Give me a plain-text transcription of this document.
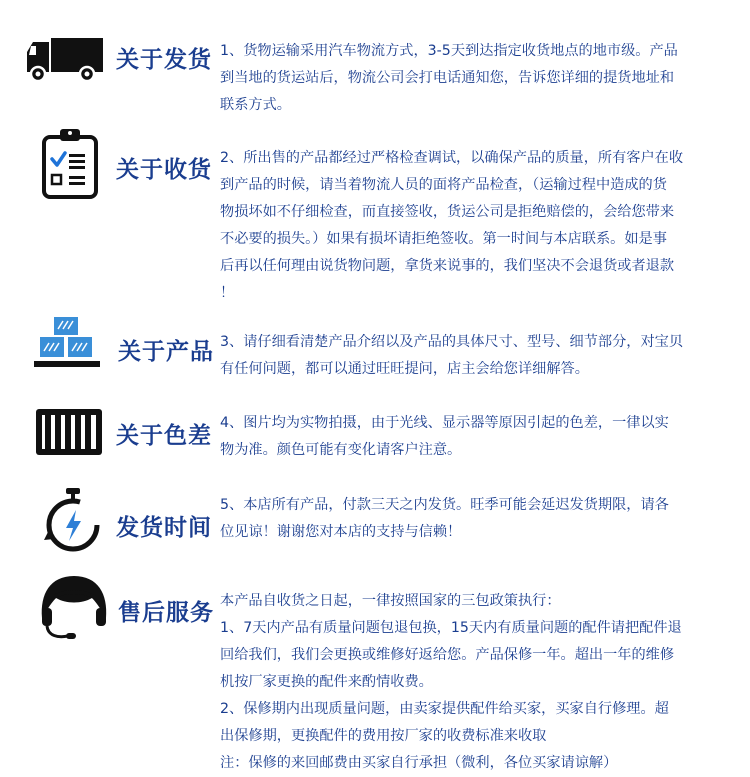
关于发货 1、货物运输采用汽车物流方式，3-5天到达指定收货地点的地市级。产品
到当地的货运站后，物流公司会打电话通知您，告诉您详细的提货地址和
联系方式。
关于收货 2、所出售的产品都经过严格检查调试，以确保产品的质量，所有客户在收
到产品的时候，请当着物流人员的面将产品检查，（运输过程中造成的货
物损坏如不仔细检查，而直接签收，货运公司是拒绝赔偿的，会给您带来
不必要的损失。）如果有损坏请拒绝签收。第一时间与本店联系。如是事
后再以任何理由说货物问题，拿货来说事的，我们坚决不会退货或者退款
！
关于产品 3、请仔细看清楚产品介绍以及产品的具体尺寸、型号、细节部分，对宝贝
有任何问题，都可以通过旺旺提问，店主会给您详细解答。
关于色差 4、图片均为实物拍摄，由于光线、显示器等原因引起的色差，一律以实
物为准。颜色可能有变化请客户注意。
发货时间
5、本店所有产品，付款三天之内发货。旺季可能会延迟发货期限，请各
位见谅！谢谢您对本店的支持与信赖！
售后服务 本产品自收货之日起，一律按照国家的三包政策执行：
1、7天内产品有质量问题包退包换，15天内有质量问题的配件请把配件退
回给我们，我们会更换或维修好返给您。产品保修一年。超出一年的维修
机按厂家更换的配件来酌情收费。
2、保修期内出现质量问题，由卖家提供配件给买家，买家自行修理。超
出保修期，更换配件的费用按厂家的收费标准来收取
注：保修的来回邮费由买家自行承担（微利，各位买家请谅解）
